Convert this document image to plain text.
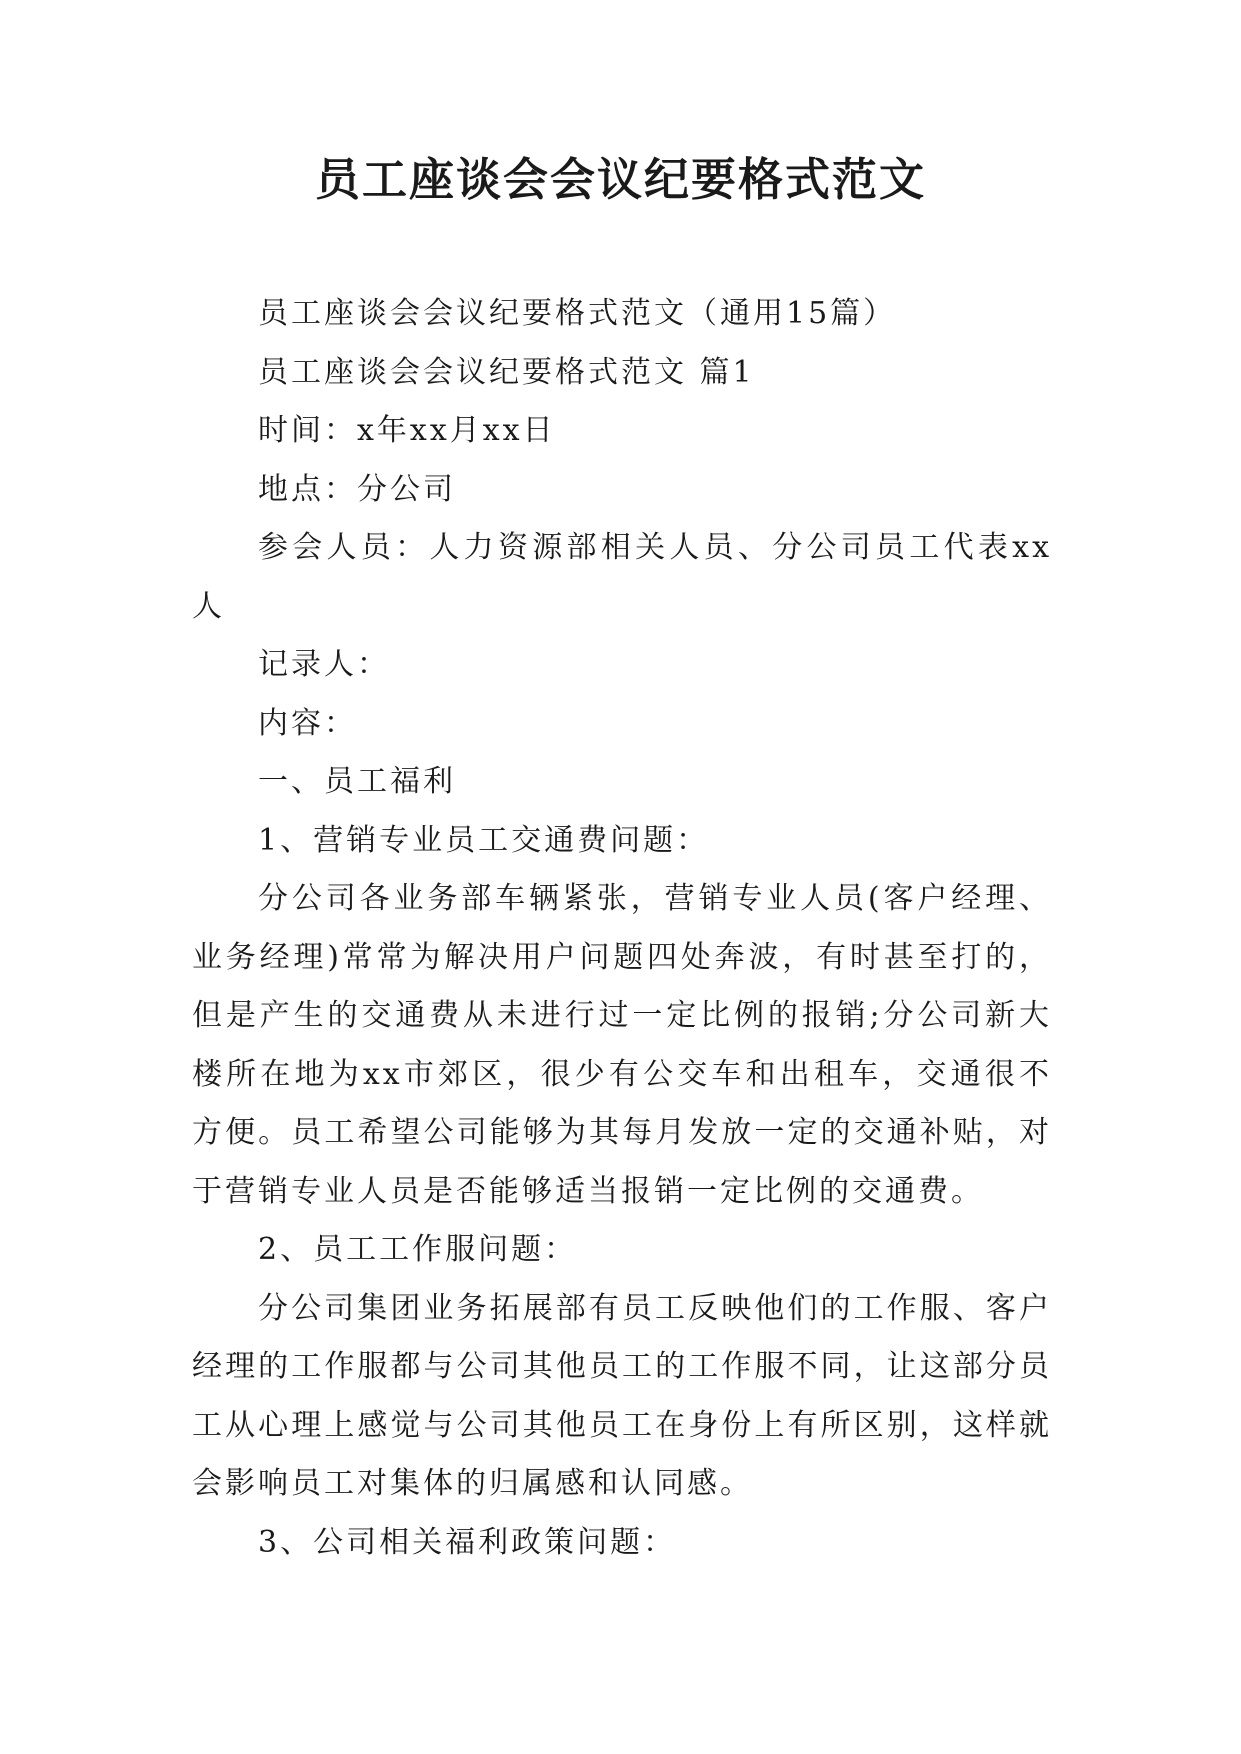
员工座谈会会议纪要格式范文

员工座谈会会议纪要格式范文（通用15篇）

员工座谈会会议纪要格式范文 篇1

时间：x年xx月xx日

地点：分公司

参会人员：人力资源部相关人员、分公司员工代表xx人

记录人：

内容：

一、员工福利

1、营销专业员工交通费问题：

分公司各业务部车辆紧张，营销专业人员(客户经理、业务经理)常常为解决用户问题四处奔波，有时甚至打的，但是产生的交通费从未进行过一定比例的报销;分公司新大楼所在地为xx市郊区，很少有公交车和出租车，交通很不方便。员工希望公司能够为其每月发放一定的交通补贴，对于营销专业人员是否能够适当报销一定比例的交通费。

2、员工工作服问题：

分公司集团业务拓展部有员工反映他们的工作服、客户经理的工作服都与公司其他员工的工作服不同，让这部分员工从心理上感觉与公司其他员工在身份上有所区别，这样就会影响员工对集体的归属感和认同感。

3、公司相关福利政策问题：
